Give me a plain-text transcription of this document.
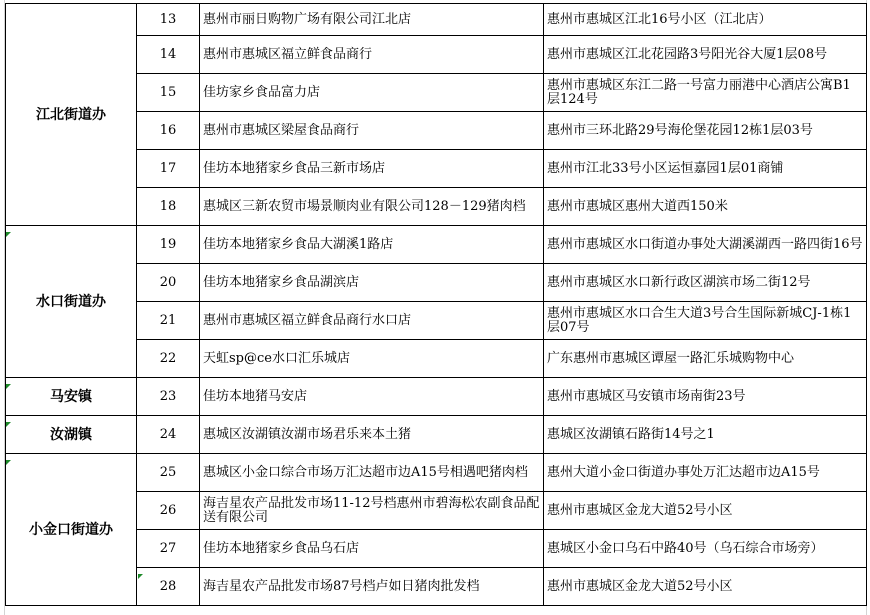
江北街道办	13	惠州市丽日购物广场有限公司江北店	惠州市惠城区江北16号小区（江北店）
	14	惠州市惠城区福立鲜食品商行	惠州市惠城区江北花园路3号阳光谷大厦1层08号
	15	佳坊家乡食品富力店	惠州市惠城区东江二路一号富力丽港中心酒店公寓B1层124号
	16	惠州市惠城区梁屋食品商行	惠州市三环北路29号海伦堡花园12栋1层03号
	17	佳坊本地猪家乡食品三新市场店	惠州市江北33号小区运恒嘉园1层01商铺
	18	惠城区三新农贸市場景顺肉业有限公司128－129猪肉档	惠州市惠城区惠州大道西150米
水口街道办	19	佳坊本地猪家乡食品大湖溪1路店	惠州市惠城区水口街道办事处大湖溪湖西一路四街16号
	20	佳坊本地猪家乡食品湖滨店	惠州市惠城区水口新行政区湖滨市场二街12号
	21	惠州市惠城区福立鲜食品商行水口店	惠州市惠城区水口合生大道3号合生国际新城CJ-1栋1层07号
	22	天虹sp@ce水口汇乐城店	广东惠州市惠城区谭屋一路汇乐城购物中心
马安镇	23	佳坊本地猪马安店	惠州市惠城区马安镇市场南街23号
汝湖镇	24	惠城区汝湖镇汝湖市场君乐来本土猪	惠城区汝湖镇石路街14号之1
小金口街道办	25	惠城区小金口综合市场万汇达超市边A15号相遇吧猪肉档	惠州大道小金口街道办事处万汇达超市边A15号
	26	海吉星农产品批发市场11-12号档惠州市碧海松农副食品配送有限公司	惠州市惠城区金龙大道52号小区
	27	佳坊本地猪家乡食品乌石店	惠城区小金口乌石中路40号（乌石综合市场旁）
	28	海吉星农产品批发市场87号档卢如日猪肉批发档	惠州市惠城区金龙大道52号小区
